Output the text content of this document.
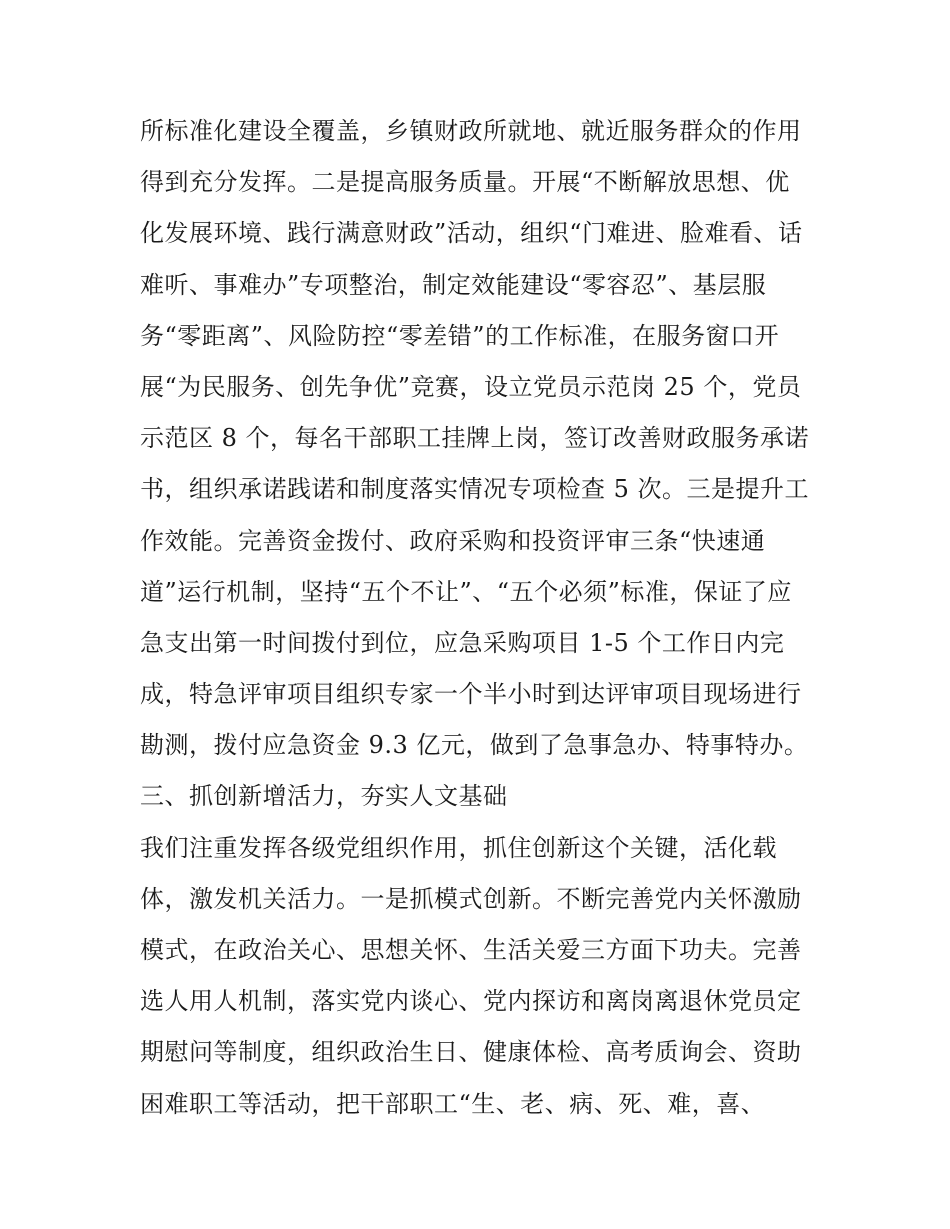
所标准化建设全覆盖，乡镇财政所就地、就近服务群众的作用
得到充分发挥。二是提高服务质量。开展“不断解放思想、优
化发展环境、践行满意财政”活动，组织“门难进、脸难看、话
难听、事难办”专项整治，制定效能建设“零容忍”、基层服
务“零距离”、风险防控“零差错”的工作标准，在服务窗口开
展“为民服务、创先争优”竞赛，设立党员示范岗 25 个，党员
示范区 8 个，每名干部职工挂牌上岗，签订改善财政服务承诺
书，组织承诺践诺和制度落实情况专项检查 5 次。三是提升工
作效能。完善资金拨付、政府采购和投资评审三条“快速通
道”运行机制，坚持“五个不让”、“五个必须”标准，保证了应
急支出第一时间拨付到位，应急采购项目 1-5 个工作日内完
成，特急评审项目组织专家一个半小时到达评审项目现场进行
勘测，拨付应急资金 9.3 亿元，做到了急事急办、特事特办。
三、抓创新增活力，夯实人文基础
我们注重发挥各级党组织作用，抓住创新这个关键，活化载
体，激发机关活力。一是抓模式创新。不断完善党内关怀激励
模式，在政治关心、思想关怀、生活关爱三方面下功夫。完善
选人用人机制，落实党内谈心、党内探访和离岗离退休党员定
期慰问等制度，组织政治生日、健康体检、高考质询会、资助
困难职工等活动，把干部职工“生、老、病、死、难，喜、
